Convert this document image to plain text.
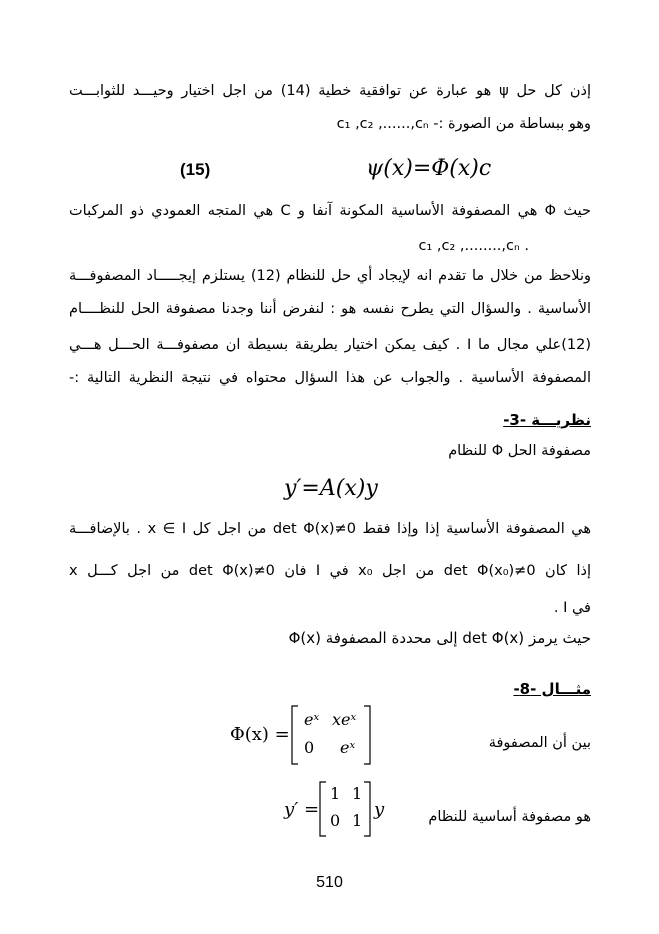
إذن كل حل ψ هو عبارة عن توافقية خطية (14) من اجل اختيار وحيـــد للثوابـــت
وهو ببساطة من الصورة :- c₁ ,c₂ ,......,cₙ
ψ(x)=Φ(x)c
(15)
حيث Φ هي المصفوفة الأساسية المكونة آنفا و C هي المتجه العمودي ذو المركبات
. c₁ ,c₂ ,........,cₙ
ونلاحظ من خلال ما تقدم انه لإيجاد أي حل للنظام (12) يستلزم إيجـــــاد المصفوفـــة
الأساسية . والسؤال التي يطرح نفسه هو : لنفرض أننا وجدنا مصفوفة الحل للنظــــام
(12)علي مجال ما I . كيف يمكن اختيار بطريقة بسيطة ان مصفوفـــة الحـــل هـــي
المصفوفة الأساسية . والجواب عن هذا السؤال محتواه في نتيجة النظرية التالية :-
نظريـــة -3-
مصفوفة الحل Φ للنظام
y′=A(x)y
هي المصفوفة الأساسية إذا وإذا فقط det Φ(x)≠0 من اجل كل x ∈ I . بالإضافـــة
إذا كان det Φ(x₀)≠0 من اجل x₀ في I فان det Φ(x)≠0 من اجل كـــل x
في I .
حيث يرمز det Φ(x) إلى محددة المصفوفة Φ(x)
مثـــال -8-
بين أن المصفوفة
Φ(x) =
eˣ xeˣ
0 eˣ
هو مصفوفة أساسية للنظام
y′ =
1 1
0 1
y
510
